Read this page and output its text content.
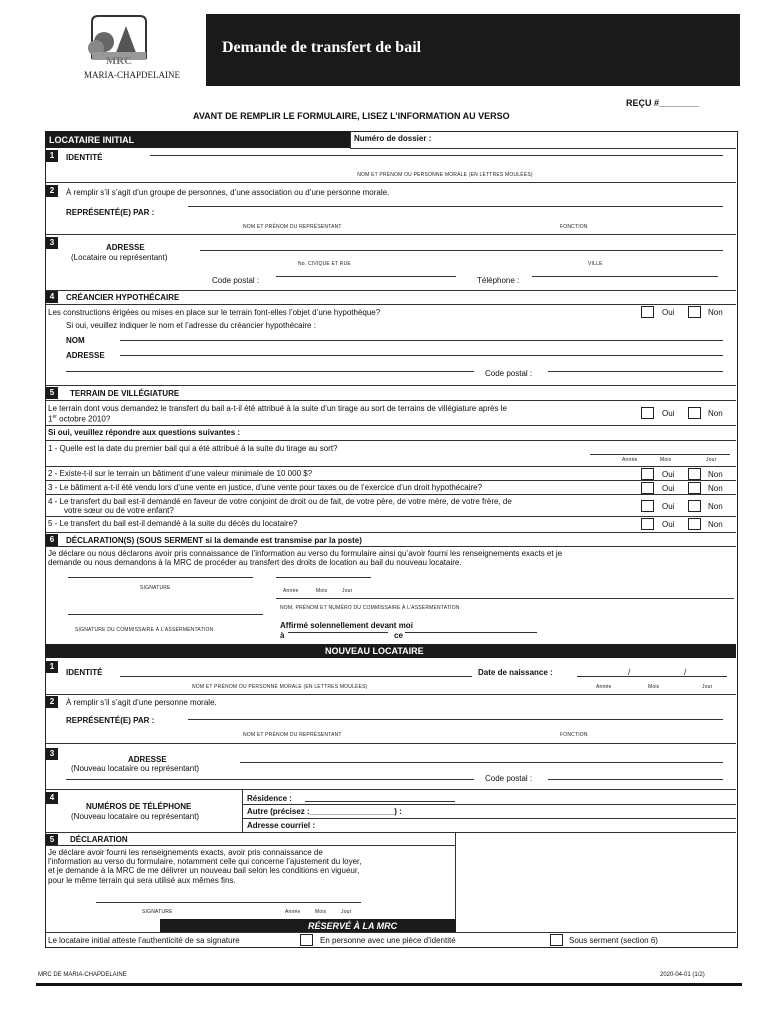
MRC
MARIA-CHAPDELAINE
Demande de transfert de bail
REÇU #________
AVANT DE REMPLIR LE FORMULAIRE, LISEZ L’INFORMATION AU VERSO
LOCATAIRE INITIAL	Numéro de dossier :
1	IDENTITÉ
NOM ET PRÉNOM OU PERSONNE MORALE (EN LETTRES MOULÉES)
2	À remplir s’il s’agit d’un groupe de personnes, d’une association ou d’une personne morale.
REPRÉSENTÉ(E) PAR :
NOM ET PRÉNOM DU REPRÉSENTANT	FONCTION
3
ADRESSE
(Locataire ou représentant)
No. CIVIQUE ET RUE	VILLE
Code postal :	Téléphone :
4	CRÉANCIER HYPOTHÉCAIRE
Les constructions érigées ou mises en place sur le terrain font-elles l’objet d’une hypothèque?	Oui	Non
Si oui, veuillez indiquer le nom et l’adresse du créancier hypothécaire :
NOM
ADRESSE
Code postal :
5	TERRAIN DE VILLÉGIATURE
Le terrain dont vous demandez le transfert du bail a-t-il été attribué à la suite d’un tirage au sort de terrains de villégiature après le
1er octobre 2010?
Oui	Non
Si oui, veuillez répondre aux questions suivantes :
1 - Quelle est la date du premier bail qui a été attribué à la suite du tirage au sort?
Année	Mois	Jour
2 - Existe-t-il sur le terrain un bâtiment d’une valeur minimale de 10 000 $?	Oui	Non
3 - Le bâtiment a-t-il été vendu lors d’une vente en justice, d’une vente pour taxes ou de l’exercice d’un droit hypothécaire?	Oui	Non
4 - Le transfert du bail est-il demandé en faveur de votre conjoint de droit ou de fait, de votre père, de votre mère, de votre frère, de
votre sœur ou de votre enfant?	Oui	Non
5 - Le transfert du bail est-il demandé à la suite du décès du locataire?	Oui	Non
6	DÉCLARATION(S) (SOUS SERMENT si la demande est transmise par la poste)
Je déclare ou nous déclarons avoir pris connaissance de l’information au verso du formulaire ainsi qu’avoir fourni les renseignements exacts et je
demande ou nous demandons à la MRC de procéder au transfert des droits de location au bail du nouveau locataire.
SIGNATURE	Année	Mois	Jour
NOM, PRÉNOM ET NUMÉRO DU COMMISSAIRE À L’ASSERMENTATION
SIGNATURE DU COMMISSAIRE À L’ASSERMENTATION	Affirmé solennellement devant moi
à	ce
NOUVEAU LOCATAIRE
1
IDENTITÉ	Date de naissance :	/	/
NOM ET PRÉNOM OU PERSONNE MORALE (EN LETTRES MOULÉES)	Année	Mois	Jour
2	À remplir s’il s’agit d’une personne morale.
REPRÉSENTÉ(E) PAR :
NOM ET PRÉNOM DU REPRÉSENTANT	FONCTION
3
ADRESSE
(Nouveau locataire ou représentant)
Code postal :
4
NUMÉROS DE TÉLÉPHONE
(Nouveau locataire ou représentant)
Résidence :
Autre (précisez :___________________) :
Adresse courriel :
5	DÉCLARATION
Je déclare avoir fourni les renseignements exacts, avoir pris connaissance de
l’information au verso du formulaire, notamment celle qui concerne l’ajustement du loyer,
et je demande à la MRC de me délivrer un nouveau bail selon les conditions en vigueur,
pour le même terrain qui sera utilisé aux mêmes fins.
SIGNATURE	Année	Mois	Jour
RÉSERVÉ À LA MRC
Le locataire initial atteste l’authenticité de sa signature	En personne avec une pièce d’identité	Sous serment (section 6)
MRC DE MARIA-CHAPDELAINE	2020-04-01 (1/2)
